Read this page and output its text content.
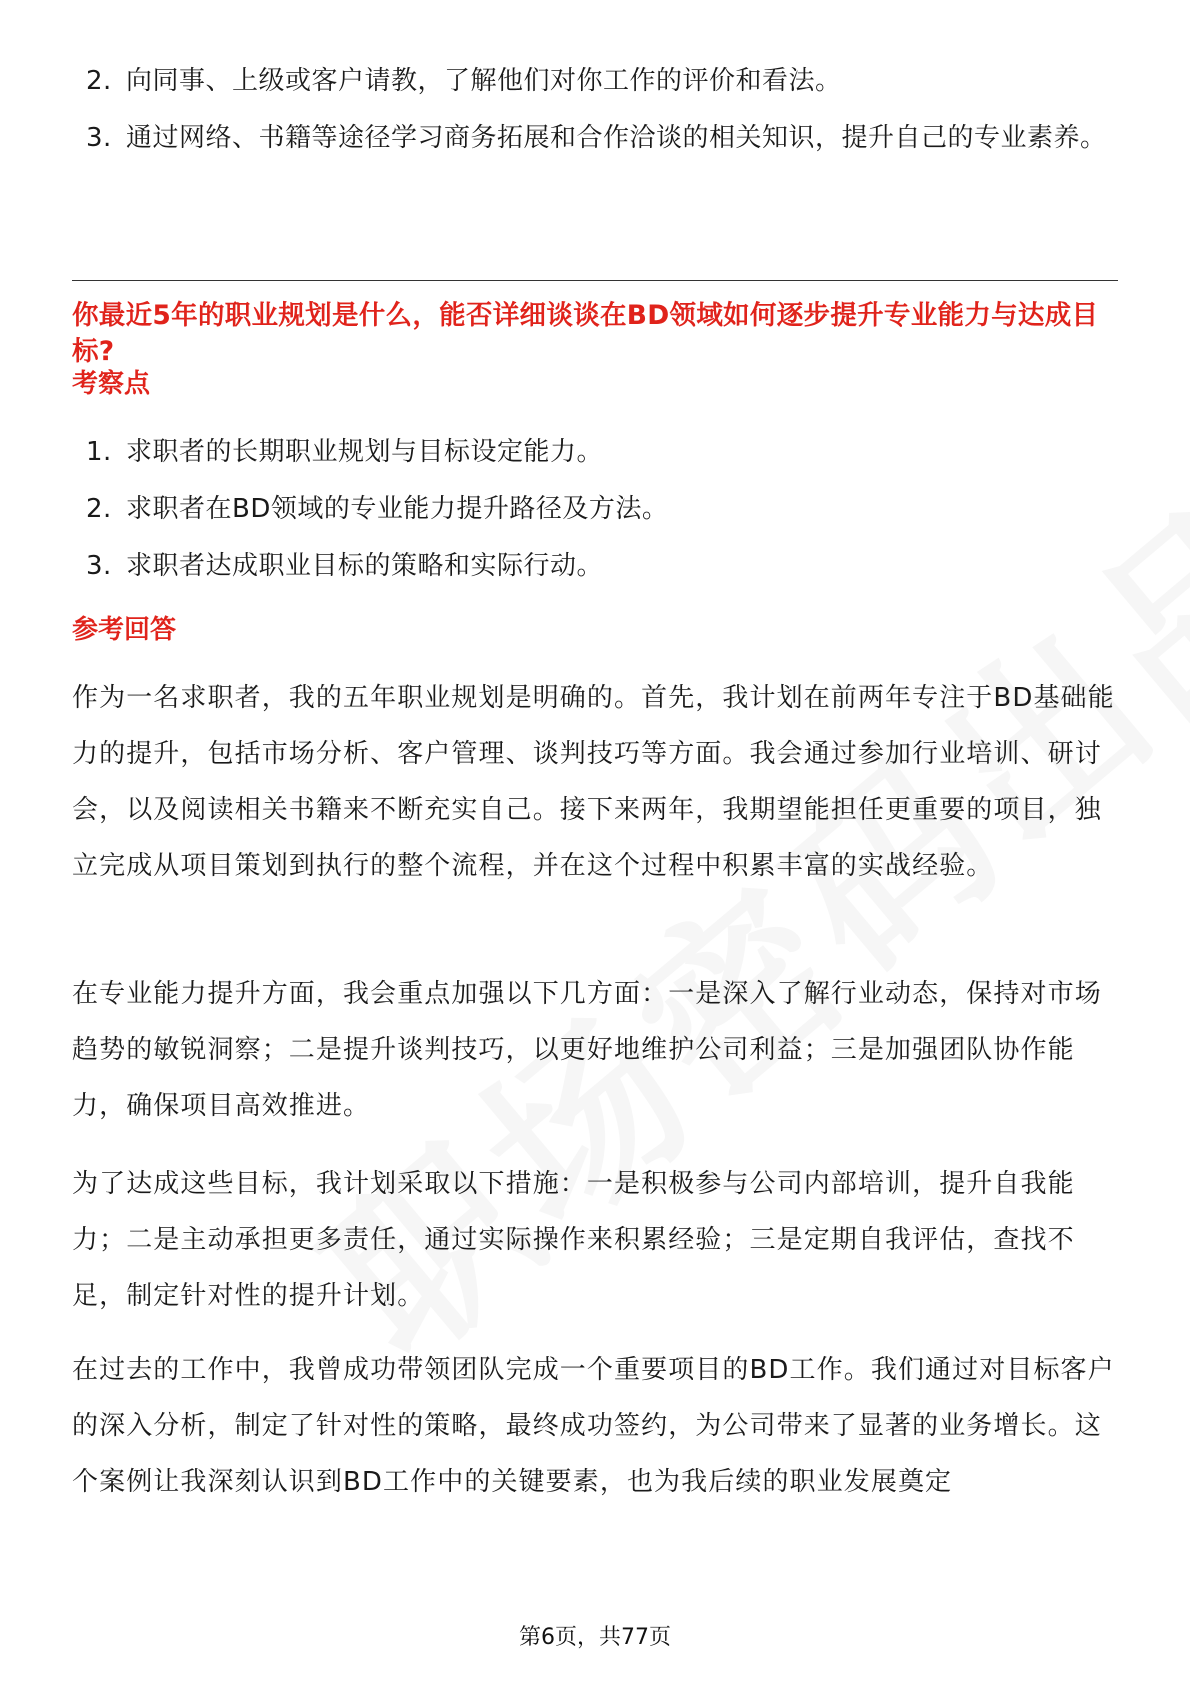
2. 向同事、上级或客户请教，了解他们对你工作的评价和看法。
3. 通过网络、书籍等途径学习商务拓展和合作洽谈的相关知识，提升自己的专业素养。
你最近5年的职业规划是什么，能否详细谈谈在BD领域如何逐步提升专业能力与达成目标?
考察点
1. 求职者的长期职业规划与目标设定能力。
2. 求职者在BD领域的专业能力提升路径及方法。
3. 求职者达成职业目标的策略和实际行动。
参考回答

作为一名求职者，我的五年职业规划是明确的。首先，我计划在前两年专注于BD基础能力的提升，包括市场分析、客户管理、谈判技巧等方面。我会通过参加行业培训、研讨会，以及阅读相关书籍来不断充实自己。接下来两年，我期望能担任更重要的项目，独立完成从项目策划到执行的整个流程，并在这个过程中积累丰富的实战经验。

在专业能力提升方面，我会重点加强以下几方面：一是深入了解行业动态，保持对市场趋势的敏锐洞察；二是提升谈判技巧，以更好地维护公司利益；三是加强团队协作能力，确保项目高效推进。

为了达成这些目标，我计划采取以下措施：一是积极参与公司内部培训，提升自我能力；二是主动承担更多责任，通过实际操作来积累经验；三是定期自我评估，查找不足，制定针对性的提升计划。

在过去的工作中，我曾成功带领团队完成一个重要项目的BD工作。我们通过对目标客户的深入分析，制定了针对性的策略，最终成功签约，为公司带来了显著的业务增长。这个案例让我深刻认识到BD工作中的关键要素，也为我后续的职业发展奠定

第6页，共77页
